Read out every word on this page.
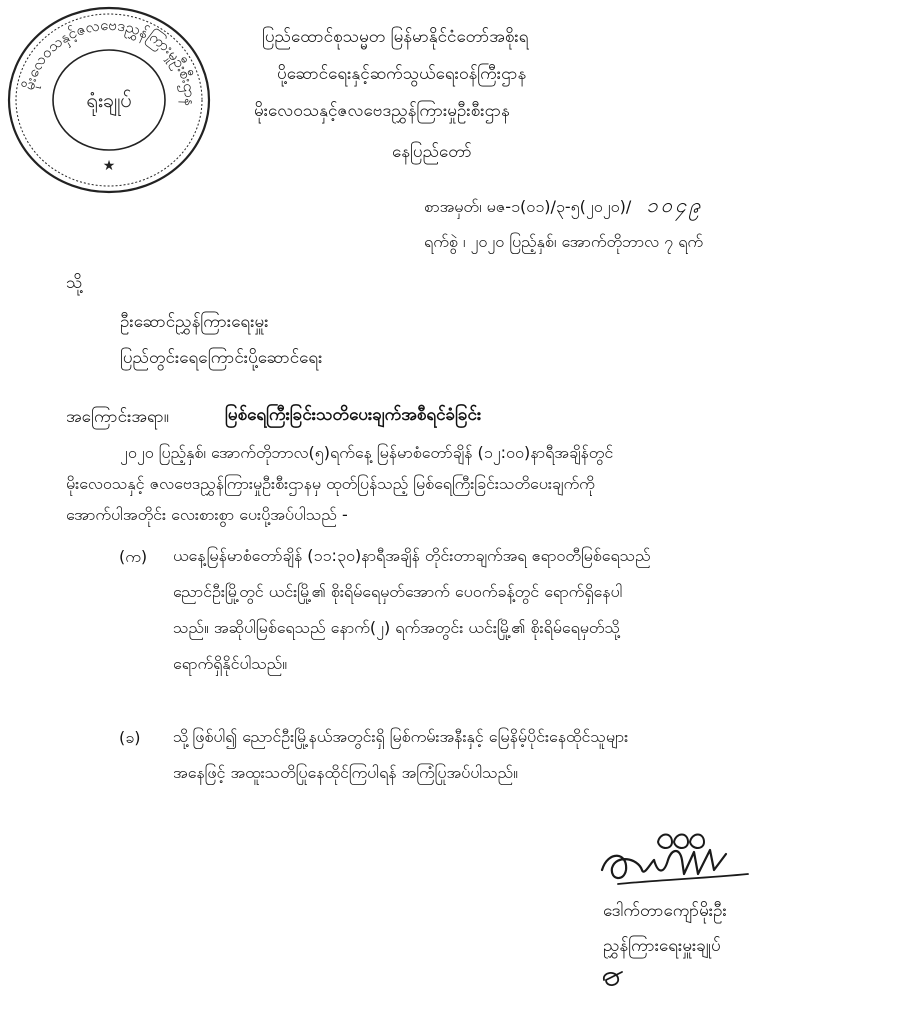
မိုးလေဝသနှင့်ဇလဗေဒညွှန်ကြားမှုဦးစီးဌာန
ရုံးချုပ်
★
ပြည်ထောင်စုသမ္မတ မြန်မာနိုင်ငံတော်အစိုးရ
ပို့ဆောင်ရေးနှင့်ဆက်သွယ်ရေးဝန်ကြီးဌာန
မိုးလေဝသနှင့်ဇလဗေဒညွှန်ကြားမှုဦးစီးဌာန
နေပြည်တော်
စာအမှတ်၊ မဇ-၁(၀၁)/၃-၅(၂၀၂၀)/ ၁၀၄၉
ရက်စွဲ ၊ ၂၀၂၀ ပြည့်နှစ်၊ အောက်တိုဘာလ ၇ ရက်
သို့
ဦးဆောင်ညွှန်ကြားရေးမှူး
ပြည်တွင်းရေကြောင်းပို့ဆောင်ရေး
အကြောင်းအရာ။	မြစ်ရေကြီးခြင်းသတိပေးချက်အစီရင်ခံခြင်း
၂၀၂၀ ပြည့်နှစ်၊ အောက်တိုဘာလ(၅)ရက်နေ့ မြန်မာစံတော်ချိန် (၁၂:၀၀)နာရီအချိန်တွင်
မိုးလေဝသနှင့် ဇလဗေဒညွှန်ကြားမှုဦးစီးဌာနမှ ထုတ်ပြန်သည့် မြစ်ရေကြီးခြင်းသတိပေးချက်ကို
အောက်ပါအတိုင်း လေးစားစွာ ပေးပို့အပ်ပါသည် -
(က) ယနေ့မြန်မာစံတော်ချိန် (၁၁:၃၀)နာရီအချိန် တိုင်းတာချက်အရ ဧရာဝတီမြစ်ရေသည်
ညောင်ဦးမြို့တွင် ယင်းမြို့၏ စိုးရိမ်ရေမှတ်အောက် ပေ၀က်ခန့်တွင် ရောက်ရှိနေပါ
သည်။ အဆိုပါမြစ်ရေသည် နောက်(၂) ရက်အတွင်း ယင်းမြို့၏ စိုးရိမ်ရေမှတ်သို့
ရောက်ရှိနိုင်ပါသည်။
(ခ) သို့ဖြစ်ပါ၍ ညောင်ဦးမြို့နယ်အတွင်းရှိ မြစ်ကမ်းအနီးနှင့် မြေနိမ့်ပိုင်းနေထိုင်သူများ
အနေဖြင့် အထူးသတိပြုနေထိုင်ကြပါရန် အကြံပြုအပ်ပါသည်။
ဒေါက်တာကျော်မိုးဦး
ညွှန်ကြားရေးမှူးချုပ်
